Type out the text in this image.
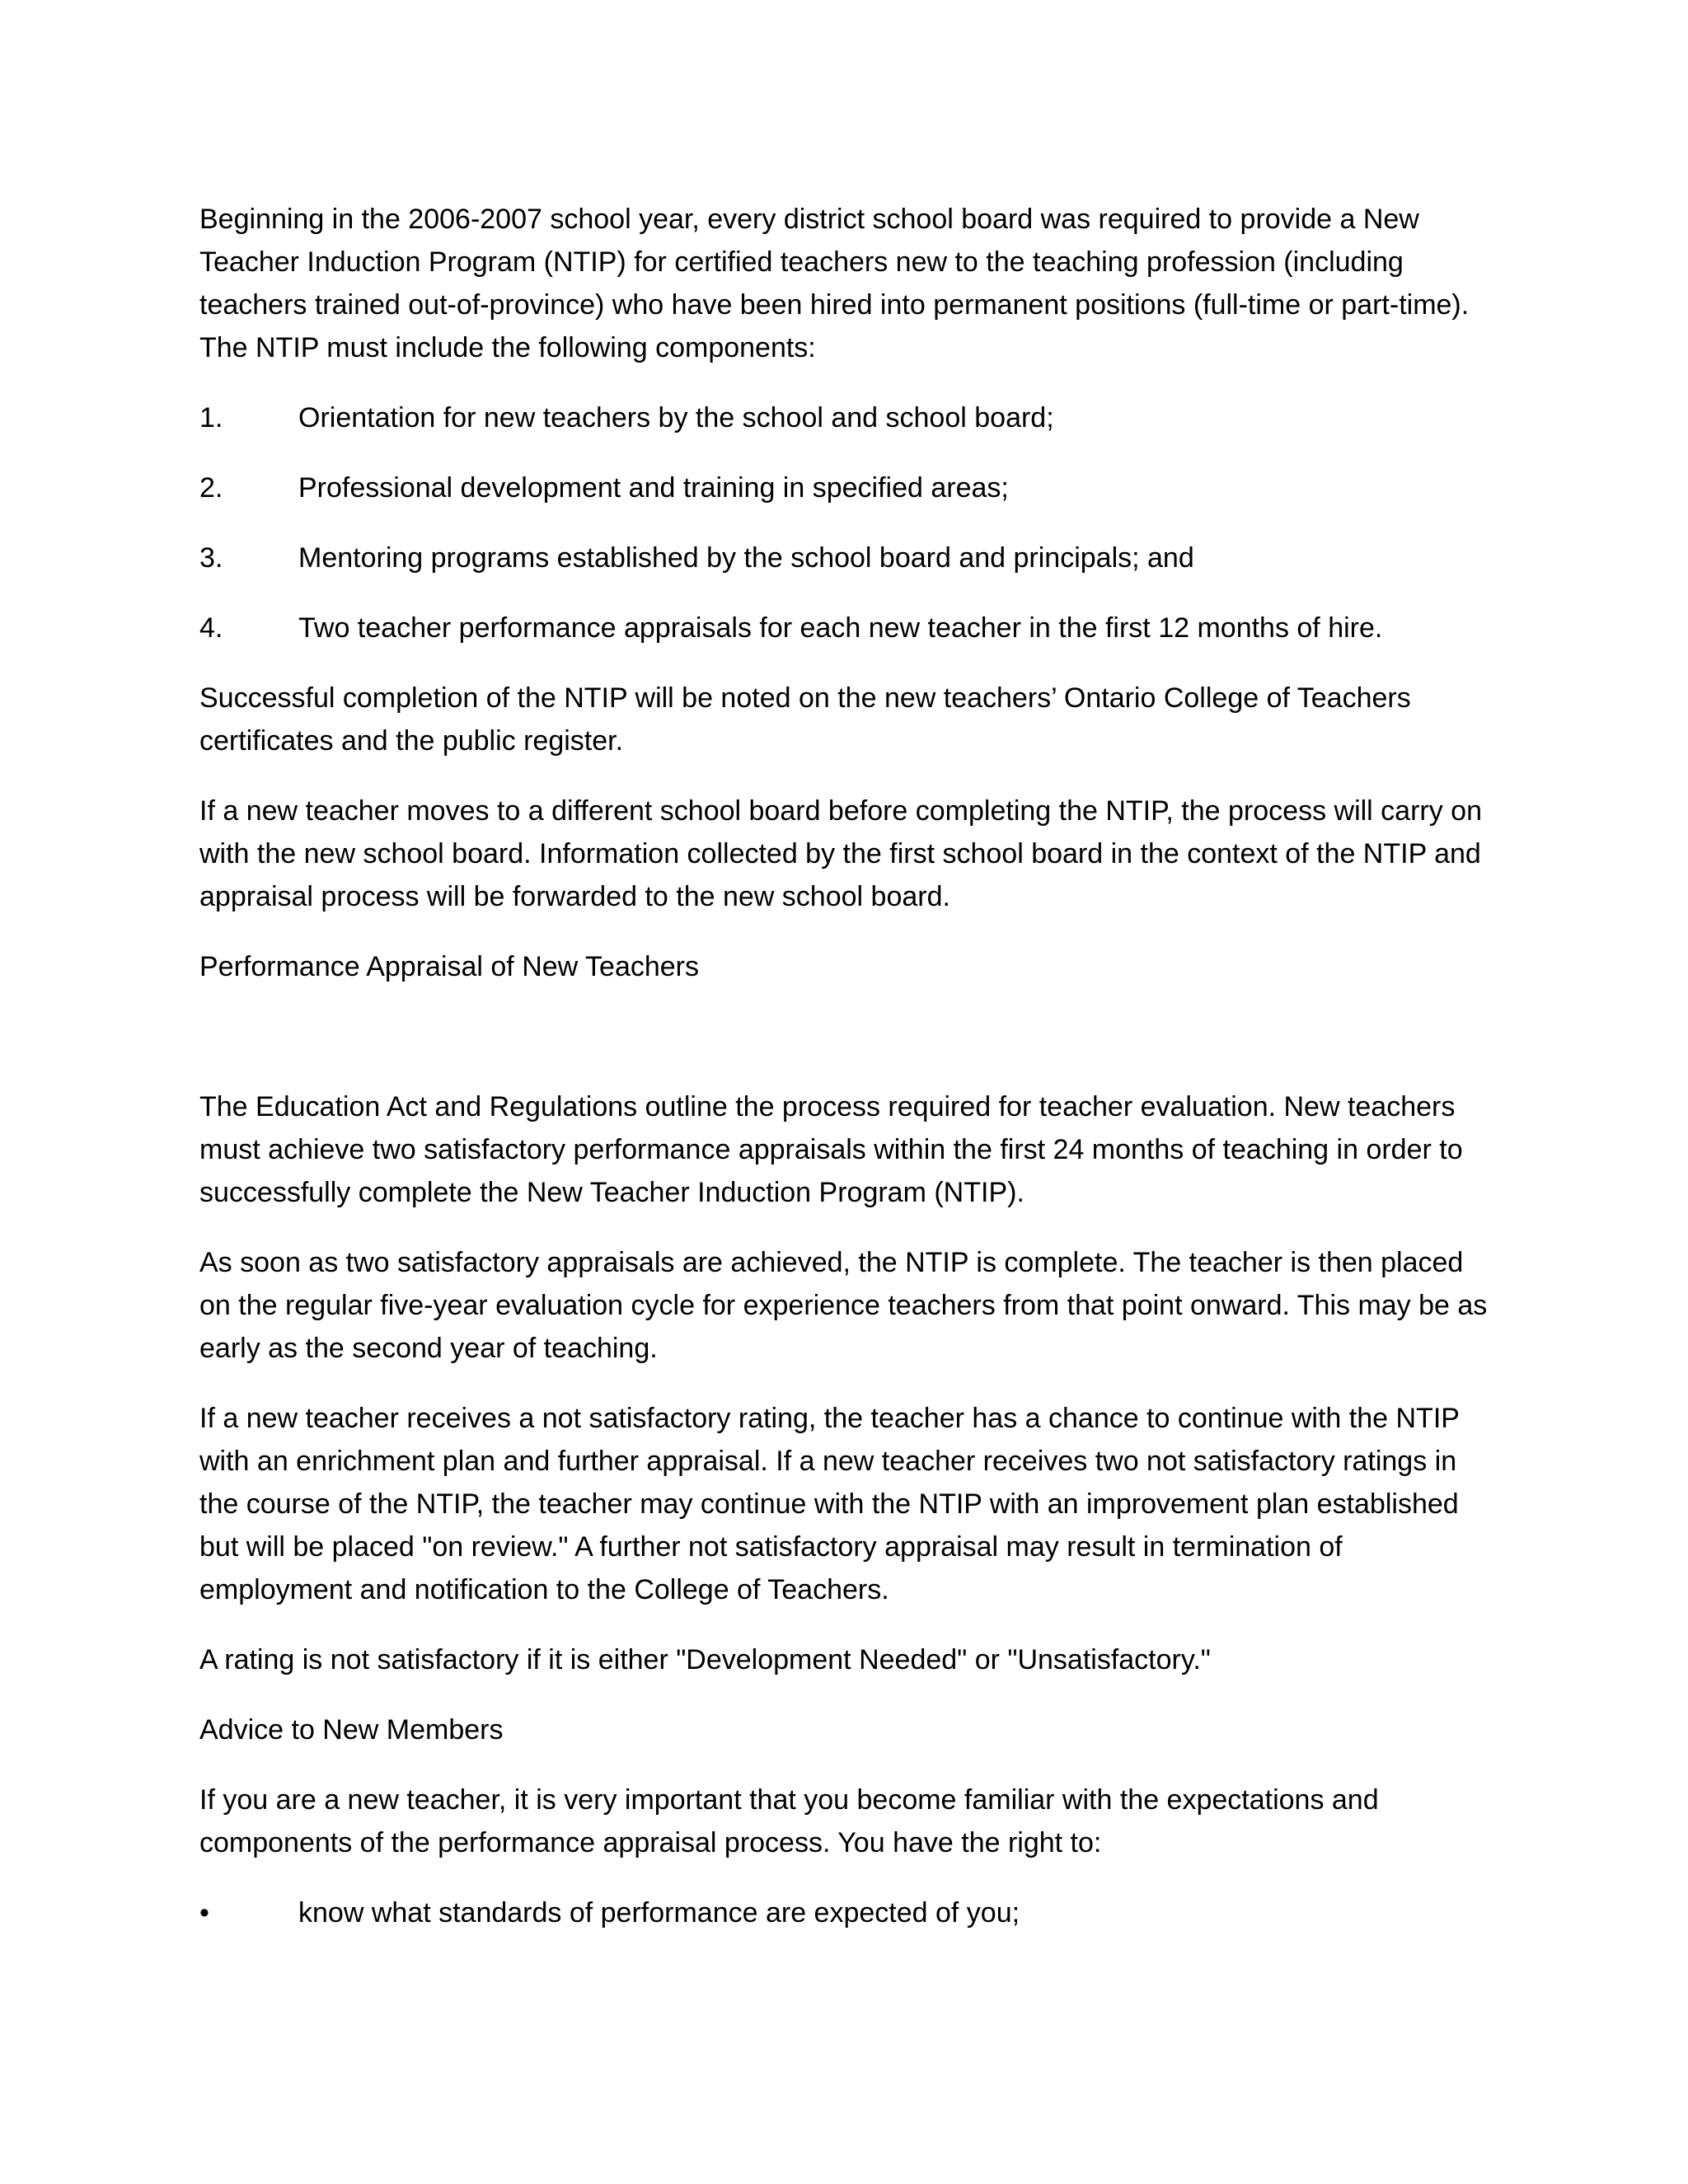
Beginning in the 2006-2007 school year, every district school board was required to provide a New Teacher Induction Program (NTIP) for certified teachers new to the teaching profession (including teachers trained out-of-province) who have been hired into permanent positions (full-time or part-time). The NTIP must include the following components:

1.	Orientation for new teachers by the school and school board;
2.	Professional development and training in specified areas;
3.	Mentoring programs established by the school board and principals; and
4.	Two teacher performance appraisals for each new teacher in the first 12 months of hire.

Successful completion of the NTIP will be noted on the new teachers’ Ontario College of Teachers certificates and the public register.

If a new teacher moves to a different school board before completing the NTIP, the process will carry on with the new school board. Information collected by the first school board in the context of the NTIP and appraisal process will be forwarded to the new school board.

Performance Appraisal of New Teachers

The Education Act and Regulations outline the process required for teacher evaluation. New teachers must achieve two satisfactory performance appraisals within the first 24 months of teaching in order to successfully complete the New Teacher Induction Program (NTIP).

As soon as two satisfactory appraisals are achieved, the NTIP is complete. The teacher is then placed on the regular five-year evaluation cycle for experience teachers from that point onward. This may be as early as the second year of teaching.

If a new teacher receives a not satisfactory rating, the teacher has a chance to continue with the NTIP with an enrichment plan and further appraisal. If a new teacher receives two not satisfactory ratings in the course of the NTIP, the teacher may continue with the NTIP with an improvement plan established but will be placed "on review." A further not satisfactory appraisal may result in termination of employment and notification to the College of Teachers.

A rating is not satisfactory if it is either "Development Needed" or "Unsatisfactory."

Advice to New Members

If you are a new teacher, it is very important that you become familiar with the expectations and components of the performance appraisal process. You have the right to:

•	know what standards of performance are expected of you;
